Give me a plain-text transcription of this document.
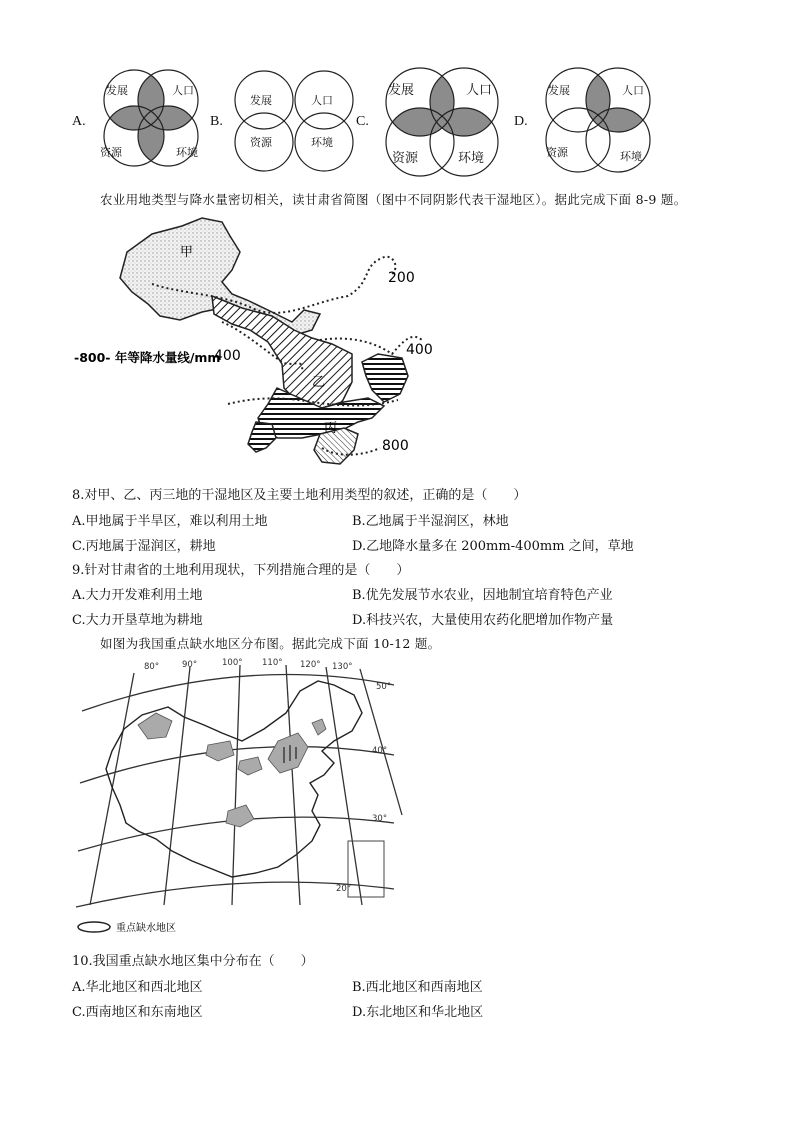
A.
发展	人口
资源	环境
B.
发展	人口
资源	环境
C.
发展	人口
资源	环境
D.
发展	人口
资源	环境
农业用地类型与降水量密切相关，读甘肃省简图（图中不同阴影代表干湿地区）。据此完成下面 8-9 题。
甲
乙
丙
200
400	400
800
-800- 年等降水量线/mm
8.对甲、乙、丙三地的干湿地区及主要土地利用类型的叙述，正确的是（　　）
A.甲地属于半旱区，难以利用土地	B.乙地属于半湿润区，林地
C.丙地属于湿润区，耕地	D.乙地降水量多在 200mm-400mm 之间，草地
9.针对甘肃省的土地利用现状，下列措施合理的是（　　）
A.大力开发难利用土地	B.优先发展节水农业，因地制宜培育特色产业
C.大力开垦草地为耕地	D.科技兴农，大量使用农药化肥增加作物产量
如图为我国重点缺水地区分布图。据此完成下面 10-12 题。
80°	90°	100° 110° 120° 130°
50°
40°
30°
20°
重点缺水地区
10.我国重点缺水地区集中分布在（　　）
A.华北地区和西北地区	B.西北地区和西南地区
C.西南地区和东南地区	D.东北地区和华北地区
